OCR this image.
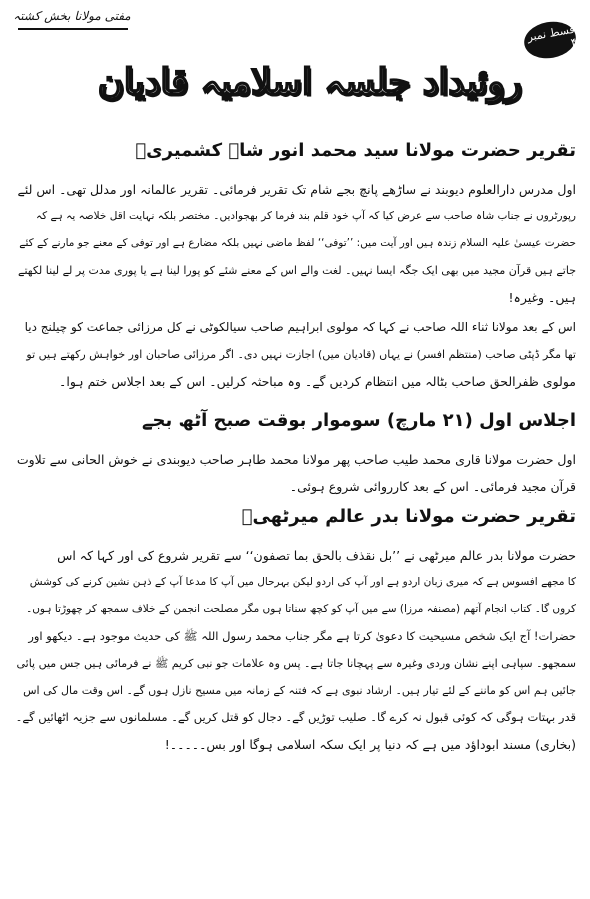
مفتی مولانا بخش کشتہ
قسط نمبر ۴
روئیداد جلسہ اسلامیہ قادیان
تقریر حضرت مولانا سید محمد انور شاہ کشمیریؒ
اول مدرس دارالعلوم دیوبند نے ساڑھے پانچ بجے شام تک تقریر فرمائی۔ تقریر عالمانہ اور مدلل تھی۔ اس لئے
رپورٹروں نے جناب شاہ صاحب سے عرض کیا کہ آپ خود قلم بند فرما کر بھجوادیں۔ مختصر بلکہ نہایت اقل خلاصہ یہ ہے کہ
حضرت عیسیٰ علیہ السلام زندہ ہیں اور آیت میں: ’’توفی‘‘ لفظ ماضی نہیں بلکہ مضارع ہے اور توفی کے معنے جو مارنے کے کئے
جاتے ہیں قرآن مجید میں بھی ایک جگہ ایسا نہیں۔ لغت والے اس کے معنے شئے کو پورا لینا ہے یا پوری مدت پر لے لینا لکھتے
ہیں۔ وغیرہ!
اس کے بعد مولانا ثناء اللہ صاحب نے کہا کہ مولوی ابراہیم صاحب سیالکوٹی نے کل مرزائی جماعت کو چیلنج دیا
تھا مگر ڈپٹی صاحب (منتظم افسر) نے یہاں (قادیان میں) اجازت نہیں دی۔ اگر مرزائی صاحبان اور خواہش رکھتے ہیں تو
مولوی ظفرالحق صاحب بٹالہ میں انتظام کردیں گے۔ وہ مباحثہ کرلیں۔ اس کے بعد اجلاس ختم ہوا۔
اجلاس اول (۲۱ مارچ) سوموار بوقت صبح آٹھ بجے
اول حضرت مولانا قاری محمد طیب صاحب پھر مولانا محمد طاہر صاحب دیوبندی نے خوش الحانی سے تلاوت
قرآن مجید فرمائی۔ اس کے بعد کارروائی شروع ہوئی۔
تقریر حضرت مولانا بدر عالم میرٹھیؒ
حضرت مولانا بدر عالم میرٹھی نے ’’بل نقذف بالحق بما تصفون‘‘ سے تقریر شروع کی اور کہا کہ اس
کا مجھے افسوس ہے کہ میری زبان اردو ہے اور آپ کی اردو لیکن بہرحال میں آپ کا مدعا آپ کے ذہن نشین کرنے کی کوشش
کروں گا۔ کتاب انجام آتھم (مصنفہ مرزا) سے میں آپ کو کچھ سناتا ہوں مگر مصلحت انجمن کے خلاف سمجھ کر چھوڑتا ہوں۔
حضرات! آج ایک شخص مسیحیت کا دعویٰ کرتا ہے مگر جناب محمد رسول اللہ ﷺ کی حدیث موجود ہے۔ دیکھو اور
سمجھو۔ سپاہی اپنے نشان وردی وغیرہ سے پہچانا جاتا ہے۔ پس وہ علامات جو نبی کریم ﷺ نے فرمائی ہیں جس میں پائی
جائیں ہم اس کو ماننے کے لئے تیار ہیں۔ ارشاد نبوی ہے کہ فتنہ کے زمانہ میں مسیح نازل ہوں گے۔ اس وقت مال کی اس
قدر بہتات ہوگی کہ کوئی قبول نہ کرے گا۔ صلیب توڑیں گے۔ دجال کو قتل کریں گے۔ مسلمانوں سے جزیہ اٹھائیں گے۔
(بخاری) مسند ابوداؤد میں ہے کہ دنیا پر ایک سکہ اسلامی ہوگا اور بس۔۔۔۔۔!
